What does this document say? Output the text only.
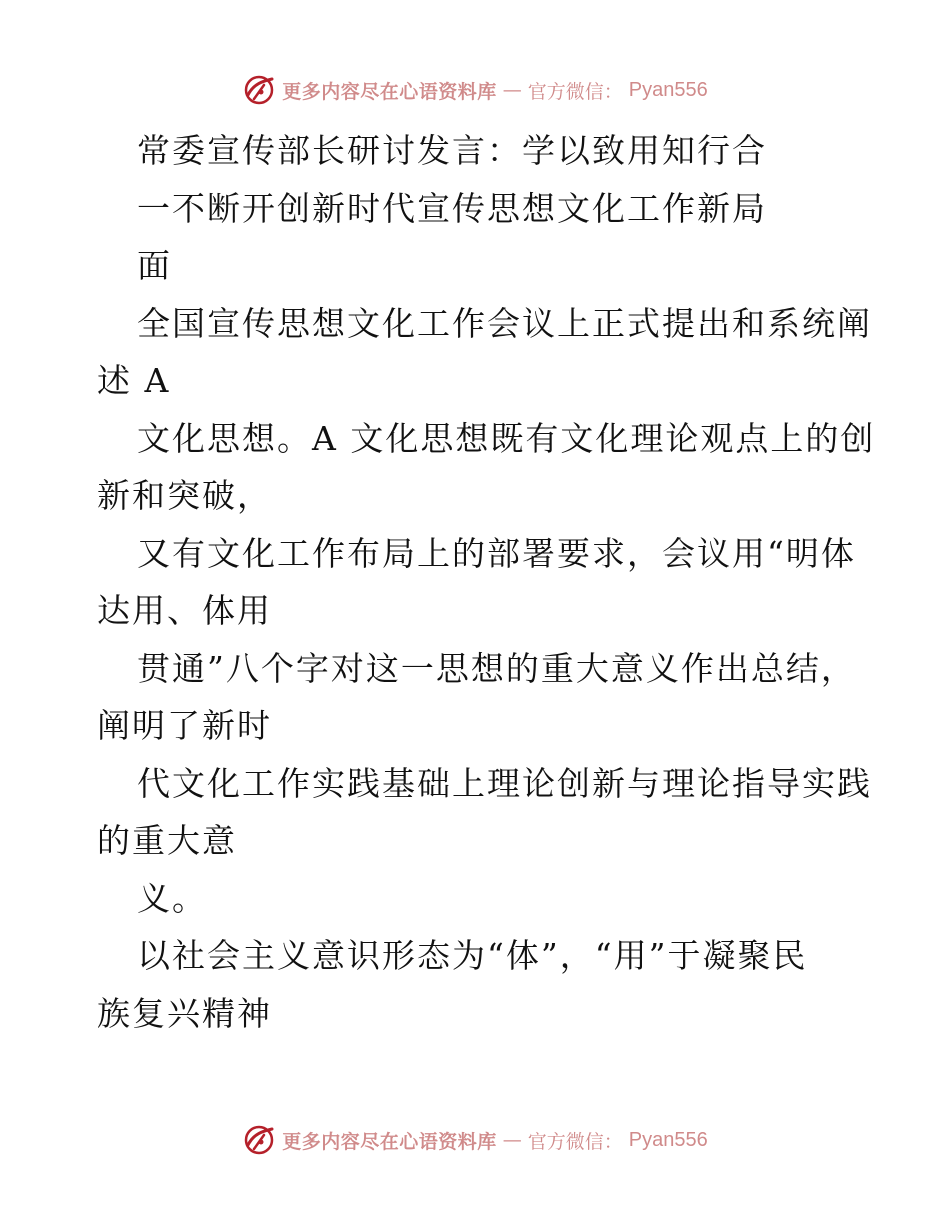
更多内容尽在心语资料库 — 官方微信： Pyan556
常委宣传部长研讨发言：学以致用知行合
一不断开创新时代宣传思想文化工作新局
面
全国宣传思想文化工作会议上正式提出和系统阐
述 A
文化思想。A 文化思想既有文化理论观点上的创
新和突破，
又有文化工作布局上的部署要求，会议用“明体
达用、体用
贯通”八个字对这一思想的重大意义作出总结，
阐明了新时
代文化工作实践基础上理论创新与理论指导实践
的重大意
义。
以社会主义意识形态为“体”，“用”于凝聚民
族复兴精神
更多内容尽在心语资料库 — 官方微信： Pyan556
